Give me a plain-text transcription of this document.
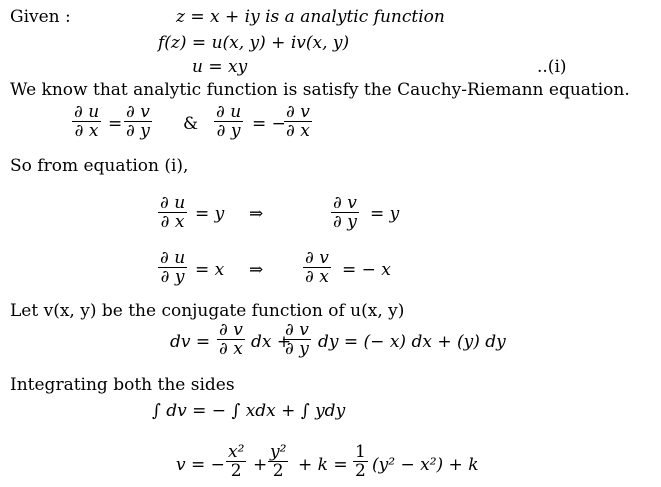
Given :	z = x + iy is a analytic function
f(z) = u(x, y) + iv(x, y)
u = xy	..(i)
We know that analytic function is satisfy the Cauchy-Riemann equation.
$\frac{\partial u}{\partial x} = \frac{\partial v}{\partial y}$ & $\frac{\partial u}{\partial y}$ = −
$\frac{\partial v}{\partial x}$
So from equation (i),
$\frac{\partial u}{\partial x} = y$ ⇒	$\frac{\partial v}{\partial y} = y$
$\frac{\partial u}{\partial y} = x$ ⇒ $\frac{\partial v}{\partial x}$ = − x
Let v(x, y) be the conjugate function of u(x, y)
dv = $\frac{\partial v}{\partial x}$ dx +
$\frac{\partial v}{\partial y}$ dy = (− x) dx + (y) dy
Integrating both the sides
∫ dv = − ∫ xdx + ∫ ydy
v = − $\frac{\text{x²}}{2} + \frac{\text{y²}}{2} + k = \frac{1}{2} (y^2 - x^2) + k$
